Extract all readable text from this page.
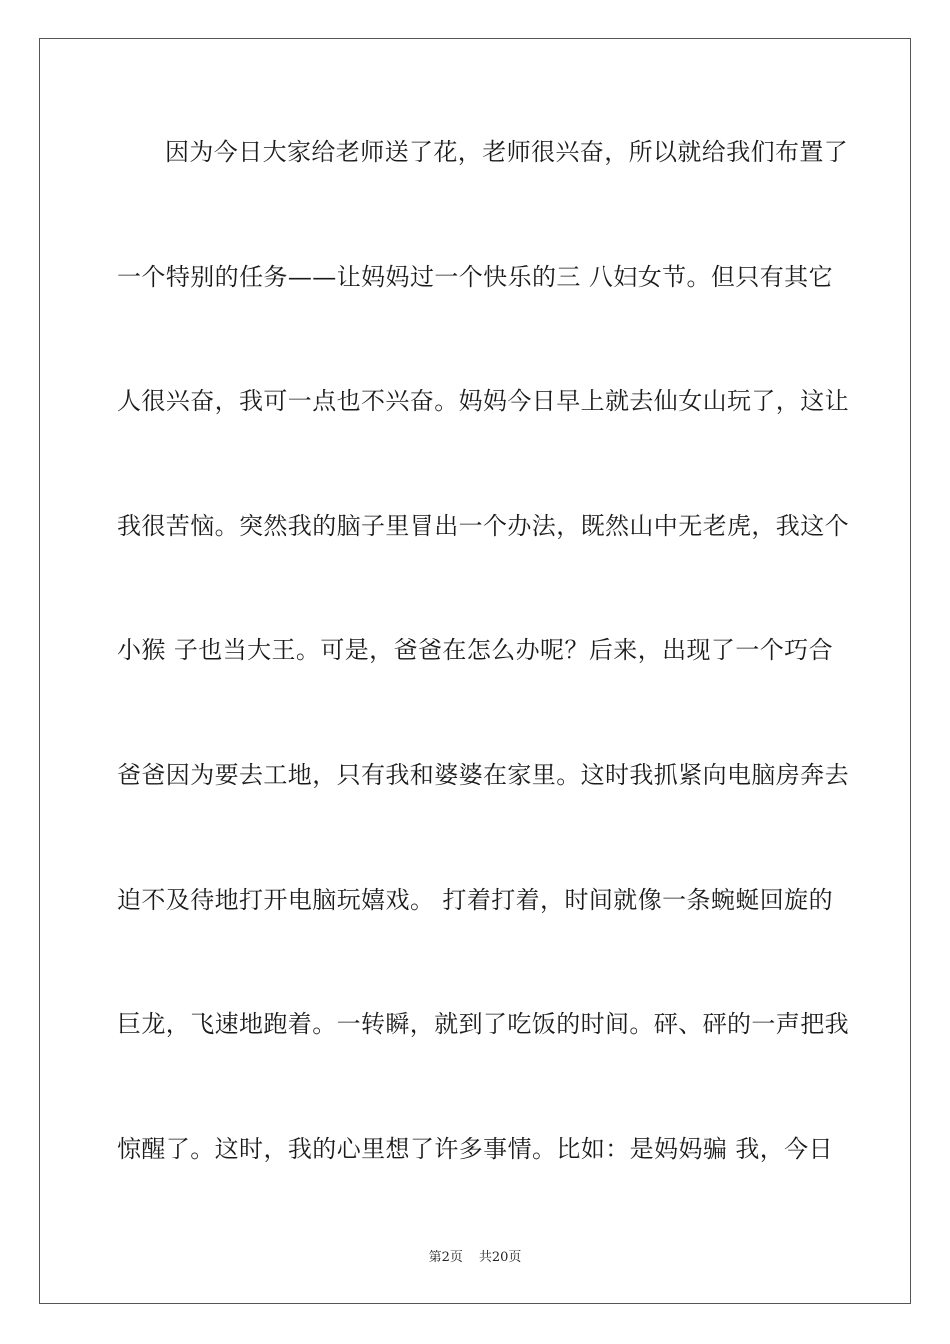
因为今日大家给老师送了花，老师很兴奋，所以就给我们布置了
一个特别的任务——让妈妈过一个快乐的三 八妇女节。但只有其它
人很兴奋，我可一点也不兴奋。妈妈今日早上就去仙女山玩了，这让
我很苦恼。突然我的脑子里冒出一个办法，既然山中无老虎，我这个
小猴 子也当大王。可是，爸爸在怎么办呢？后来，出现了一个巧合
爸爸因为要去工地，只有我和婆婆在家里。这时我抓紧向电脑房奔去
迫不及待地打开电脑玩嬉戏。 打着打着，时间就像一条蜿蜒回旋的
巨龙，飞速地跑着。一转瞬，就到了吃饭的时间。砰、砰的一声把我
惊醒了。这时，我的心里想了许多事情。比如：是妈妈骗 我，今日
第2页 共20页
